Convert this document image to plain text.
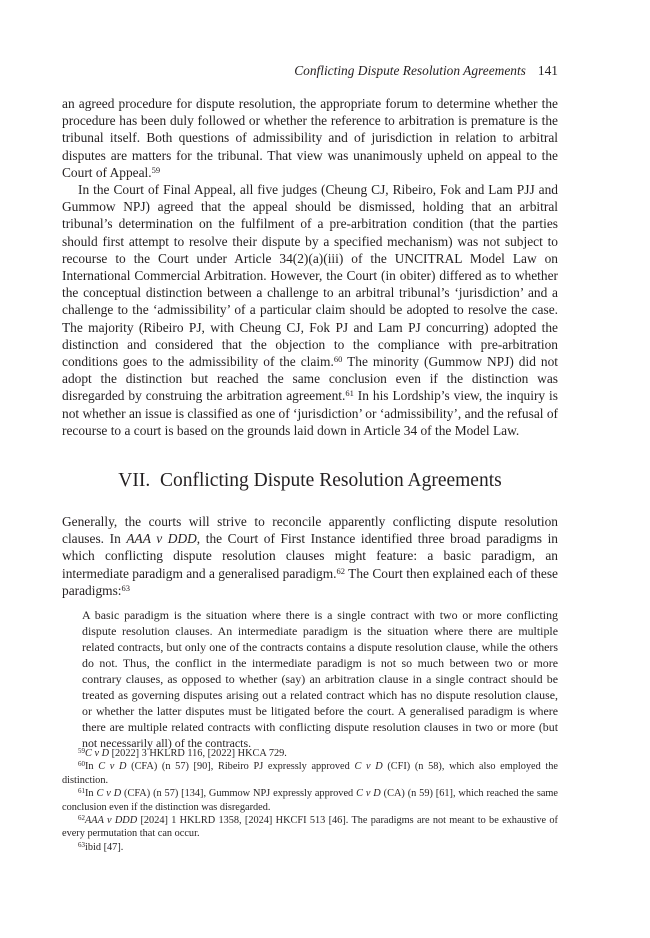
Conflicting Dispute Resolution Agreements 141

an agreed procedure for dispute resolution, the appropriate forum to determine whether the procedure has been duly followed or whether the reference to arbitration is premature is the tribunal itself. Both questions of admissibility and of jurisdiction in relation to arbitral disputes are matters for the tribunal. That view was unanimously upheld on appeal to the Court of Appeal.$^{59}$

In the Court of Final Appeal, all five judges (Cheung CJ, Ribeiro, Fok and Lam PJJ and Gummow NPJ) agreed that the appeal should be dismissed, holding that an arbitral tribunal’s determination on the fulfilment of a pre-arbitration condition (that the parties should first attempt to resolve their dispute by a specified mechanism) was not subject to recourse to the Court under Article 34(2)(a)(iii) of the UNCITRAL Model Law on International Commercial Arbitration. However, the Court (in obiter) differed as to whether the conceptual distinction between a challenge to an arbitral tribunal’s ‘jurisdiction’ and a challenge to the ‘admissibility’ of a particular claim should be adopted to resolve the case. The majority (Ribeiro PJ, with Cheung CJ, Fok PJ and Lam PJ concurring) adopted the distinction and considered that the objection to the compliance with pre-arbitration conditions goes to the admissibility of the claim.$^{60}$ The minority (Gummow NPJ) did not adopt the distinction but reached the same conclusion even if the distinction was disregarded by construing the arbitration agreement.$^{61}$ In his Lordship’s view, the inquiry is not whether an issue is classified as one of ‘jurisdiction’ or ‘admissibility’, and the refusal of recourse to a court is based on the grounds laid down in Article 34 of the Model Law.

VII. Conflicting Dispute Resolution Agreements

Generally, the courts will strive to reconcile apparently conflicting dispute resolution clauses. In AAA v DDD, the Court of First Instance identified three broad paradigms in which conflicting dispute resolution clauses might feature: a basic paradigm, an intermediate paradigm and a generalised paradigm.$^{62}$ The Court then explained each of these paradigms:$^{63}$

A basic paradigm is the situation where there is a single contract with two or more conflicting dispute resolution clauses. An intermediate paradigm is the situation where there are multiple related contracts, but only one of the contracts contains a dispute resolution clause, while the others do not. Thus, the conflict in the intermediate paradigm is not so much between two or more contrary clauses, as opposed to whether (say) an arbitration clause in a single contract should be treated as governing disputes arising out a related contract which has no dispute resolution clause, or whether the latter disputes must be litigated before the court. A generalised paradigm is where there are multiple related contracts with conflicting dispute resolution clauses in two or more (but not necessarily all) of the contracts.

$^{59}$C v D [2022] 3 HKLRD 116, [2022] HKCA 729.

$^{60}$In C v D (CFA) (n 57) [90], Ribeiro PJ expressly approved C v D (CFI) (n 58), which also employed the distinction.

$^{61}$In C v D (CFA) (n 57) [134], Gummow NPJ expressly approved C v D (CA) (n 59) [61], which reached the same conclusion even if the distinction was disregarded.

$^{62}$AAA v DDD [2024] 1 HKLRD 1358, [2024] HKCFI 513 [46]. The paradigms are not meant to be exhaustive of every permutation that can occur.

$^{63}$ibid [47].
